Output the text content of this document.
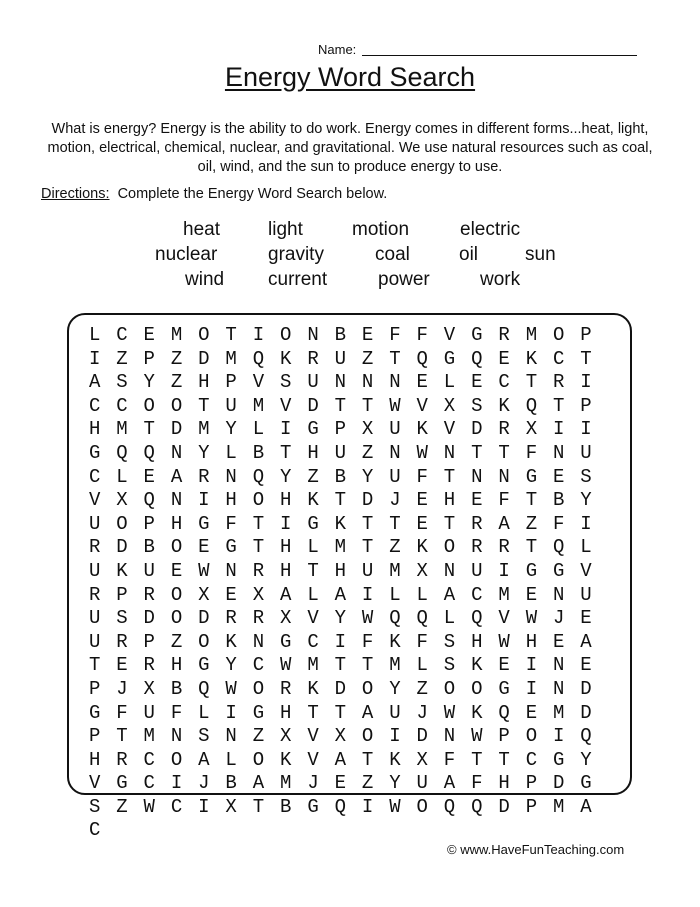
Name:
Energy Word Search
What is energy? Energy is the ability to do work. Energy comes in different forms...heat, light, motion, electrical, chemical, nuclear, and gravitational. We use natural resources such as coal, oil, wind, and the sun to produce energy to use.
Directions: Complete the Energy Word Search below.
heat	light	motion	electric
nuclear	gravity	coal	oil sun
wind current	power	work
L C E M O T I O N B E F F V G R M O P
I Z P Z D M Q K R U Z T Q G Q E K C T
A S Y Z H P V S U N N N E L E C T R I
C C O O T U M V D T T W V X S K Q T P
H M T D M Y L I G P X U K V D R X I I
G Q Q N Y L B T H U Z N W N T T F N U
C L E A R N Q Y Z B Y U F T N N G E S
V X Q N I H O H K T D J E H E F T B Y
U O P H G F T I G K T T E T R A Z F I
R D B O E G T H L M T Z K O R R T Q L
U K U E W N R H T H U M X N U I G G V
R P R O X E X A L A I L L A C M E N U
U S D O D R R X V Y W Q Q L Q V W J E
U R P Z O K N G C I F K F S H W H E A
T E R H G Y C W M T T M L S K E I N E
P J X B Q W O R K D O Y Z O O G I N D
G F U F L I G H T T A U J W K Q E M D
P T M N S N Z X V X O I D N W P O I Q
H R C O A L O K V A T K X F T T C G Y
V G C I J B A M J E Z Y U A F H P D G
S Z W C I X T B G Q I W O Q Q D P M A
C
© www.HaveFunTeaching.com
